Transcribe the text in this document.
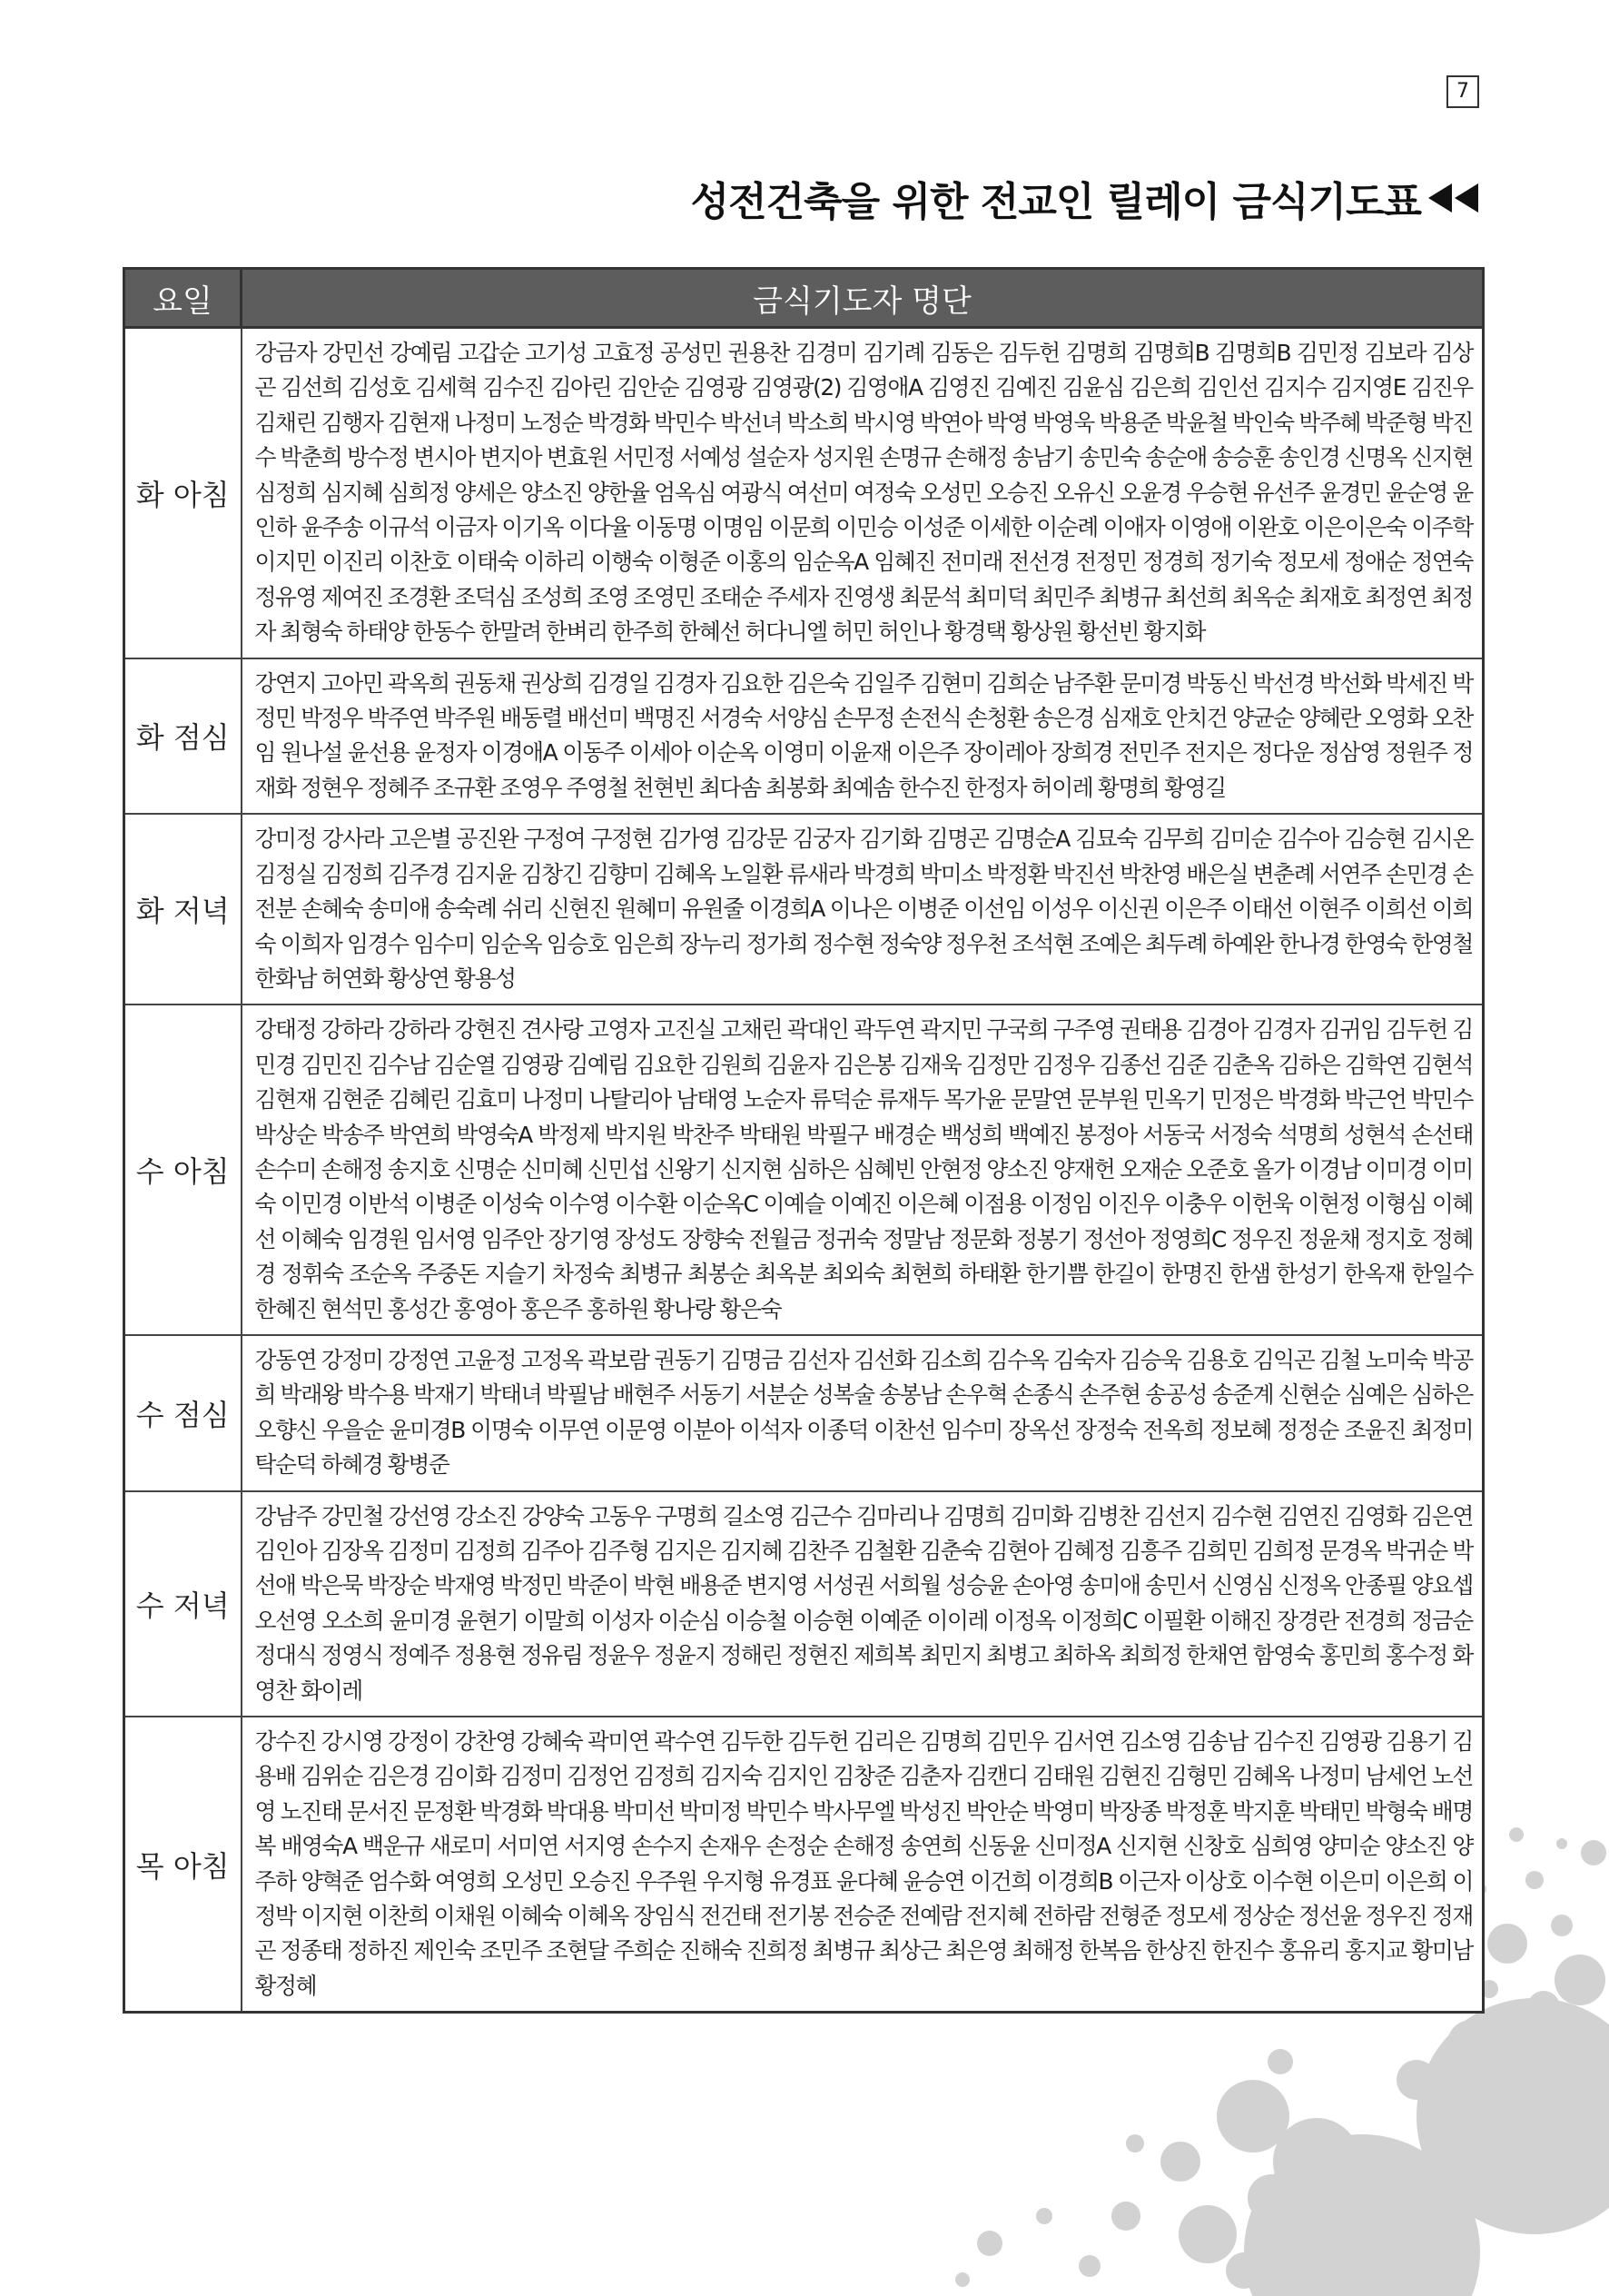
7
성전건축을 위한 전교인 릴레이 금식기도표
요일	금식기도자 명단
화 아침	강금자 강민선 강예림 고갑순 고기성 고효정 공성민 권용찬 김경미 김기례 김동은 김두헌 김명희 김명희B 김명희B 김민정 김보라 김상곤 김선희 김성호 김세혁 김수진 김아린 김안순 김영광 김영광(2) 김영애A 김영진 김예진 김윤심 김은희 김인선 김지수 김지영E 김진우 김채린 김행자 김현재 나정미 노정순 박경화 박민수 박선녀 박소희 박시영 박연아 박영 박영욱 박용준 박윤철 박인숙 박주혜 박준형 박진수 박춘희 방수정 변시아 변지아 변효원 서민정 서예성 설순자 성지원 손명규 손해정 송남기 송민숙 송순애 송승훈 송인경 신명옥 신지현 심정희 심지혜 심희정 양세은 양소진 양한율 엄옥심 여광식 여선미 여정숙 오성민 오승진 오유신 오윤경 우승현 유선주 윤경민 윤순영 윤인하 윤주송 이규석 이금자 이기옥 이다율 이동명 이명임 이문희 이민승 이성준 이세한 이순례 이애자 이영애 이완호 이은이은숙 이주학 이지민 이진리 이찬호 이태숙 이하리 이행숙 이형준 이홍의 임순옥A 임혜진 전미래 전선경 전정민 정경희 정기숙 정모세 정애순 정연숙 정유영 제여진 조경환 조덕심 조성희 조영 조영민 조태순 주세자 진영생 최문석 최미덕 최민주 최병규 최선희 최옥순 최재호 최정연 최정자 최형숙 하태양 한동수 한말려 한벼리 한주희 한혜선 허다니엘 허민 허인나 황경택 황상원 황선빈 황지화
화 점심	강연지 고아민 곽옥희 권동채 권상희 김경일 김경자 김요한 김은숙 김일주 김현미 김희순 남주환 문미경 박동신 박선경 박선화 박세진 박정민 박정우 박주연 박주원 배동렬 배선미 백명진 서경숙 서양심 손무정 손전식 손청환 송은경 심재호 안치건 양균순 양혜란 오영화 오찬임 원나설 윤선용 윤정자 이경애A 이동주 이세아 이순옥 이영미 이윤재 이은주 장이레아 장희경 전민주 전지은 정다운 정삼영 정원주 정재화 정현우 정혜주 조규환 조영우 주영철 천현빈 최다솜 최봉화 최예솜 한수진 한정자 허이레 황명희 황영길
화 저녁	강미정 강사라 고은별 공진완 구정여 구정현 김가영 김강문 김궁자 김기화 김명곤 김명순A 김묘숙 김무희 김미순 김수아 김승현 김시온 김정실 김정희 김주경 김지윤 김창긴 김향미 김혜옥 노일환 류새라 박경희 박미소 박정환 박진선 박찬영 배은실 변춘례 서연주 손민경 손전분 손혜숙 송미애 송숙례 쉬리 신현진 원혜미 유원줄 이경희A 이나은 이병준 이선임 이성우 이신권 이은주 이태선 이현주 이희선 이희숙 이희자 임경수 임수미 임순옥 임승호 임은희 장누리 정가희 정수현 정숙양 정우천 조석현 조예은 최두례 하예완 한나경 한영숙 한영철 한화남 허연화 황상연 황용성
수 아침	강태정 강하라 강하라 강현진 견사랑 고영자 고진실 고채린 곽대인 곽두연 곽지민 구국희 구주영 권태용 김경아 김경자 김귀임 김두헌 김민경 김민진 김수남 김순열 김영광 김예림 김요한 김원희 김윤자 김은봉 김재욱 김정만 김정우 김종선 김준 김춘옥 김하은 김학연 김현석 김현재 김현준 김혜린 김효미 나정미 나탈리아 남태영 노순자 류덕순 류재두 목가윤 문말연 문부원 민옥기 민정은 박경화 박근언 박민수 박상순 박송주 박연희 박영숙A 박정제 박지원 박찬주 박태원 박필구 배경순 백성희 백예진 봉정아 서동국 서정숙 석명희 성현석 손선태 손수미 손해정 송지호 신명순 신미혜 신민섭 신왕기 신지현 심하은 심혜빈 안현정 양소진 양재헌 오재순 오준호 올가 이경남 이미경 이미숙 이민경 이반석 이병준 이성숙 이수영 이수환 이순옥C 이예슬 이예진 이은혜 이점용 이정임 이진우 이충우 이헌욱 이현정 이형심 이혜선 이혜숙 임경원 임서영 임주안 장기영 장성도 장향숙 전월금 정귀숙 정말남 정문화 정봉기 정선아 정영희C 정우진 정윤채 정지호 정혜경 정휘숙 조순옥 주중돈 지슬기 차정숙 최병규 최봉순 최옥분 최외숙 최현희 하태환 한기쁨 한길이 한명진 한샘 한성기 한옥재 한일수 한혜진 현석민 홍성간 홍영아 홍은주 홍하원 황나랑 황은숙
수 점심	강동연 강정미 강정연 고윤정 고정옥 곽보람 권동기 김명금 김선자 김선화 김소희 김수옥 김숙자 김승욱 김용호 김익곤 김철 노미숙 박공희 박래왕 박수용 박재기 박태녀 박필남 배현주 서동기 서분순 성복술 송봉남 손우혁 손종식 손주현 송공성 송준계 신현순 심예은 심하은 오향신 우을순 윤미경B 이명숙 이무연 이문영 이분아 이석자 이종덕 이찬선 임수미 장옥선 장정숙 전옥희 정보혜 정정순 조윤진 최정미 탁순덕 하혜경 황병준
수 저녁	강남주 강민철 강선영 강소진 강양숙 고동우 구명희 길소영 김근수 김마리나 김명희 김미화 김병찬 김선지 김수현 김연진 김영화 김은연 김인아 김장옥 김정미 김정희 김주아 김주형 김지은 김지혜 김찬주 김철환 김춘숙 김현아 김혜정 김흥주 김희민 김희정 문경옥 박귀순 박선애 박은묵 박장순 박재영 박정민 박준이 박현 배용준 변지영 서성권 서희월 성승윤 손아영 송미애 송민서 신영심 신정옥 안종필 양요셉 오선영 오소희 윤미경 윤현기 이말희 이성자 이순심 이승철 이승현 이예준 이이레 이정옥 이정희C 이필환 이해진 장경란 전경희 정금순 정대식 정영식 정예주 정용현 정유림 정윤우 정윤지 정해린 정현진 제희복 최민지 최병고 최하옥 최희정 한채연 함영숙 홍민희 홍수정 화영찬 화이레
목 아침	강수진 강시영 강정이 강찬영 강혜숙 곽미연 곽수연 김두한 김두헌 김리은 김명희 김민우 김서연 김소영 김송남 김수진 김영광 김용기 김용배 김위순 김은경 김이화 김정미 김정언 김정희 김지숙 김지인 김창준 김춘자 김캔디 김태원 김현진 김형민 김혜옥 나정미 남세언 노선영 노진태 문서진 문정환 박경화 박대용 박미선 박미정 박민수 박사무엘 박성진 박안순 박영미 박장종 박정훈 박지훈 박태민 박형숙 배명복 배영숙A 백운규 새로미 서미연 서지영 손수지 손재우 손정순 손해정 송연희 신동윤 신미정A 신지현 신창호 심희영 양미순 양소진 양주하 양혁준 엄수화 여영희 오성민 오승진 우주원 우지형 유경표 윤다혜 윤승연 이건희 이경희B 이근자 이상호 이수현 이은미 이은희 이정박 이지현 이찬희 이채원 이혜숙 이혜옥 장임식 전건태 전기봉 전승준 전예람 전지혜 전하람 전형준 정모세 정상순 정선윤 정우진 정재곤 정종태 정하진 제인숙 조민주 조현달 주희순 진해숙 진희정 최병규 최상근 최은영 최해정 한복음 한상진 한진수 홍유리 홍지교 황미남 황정혜
